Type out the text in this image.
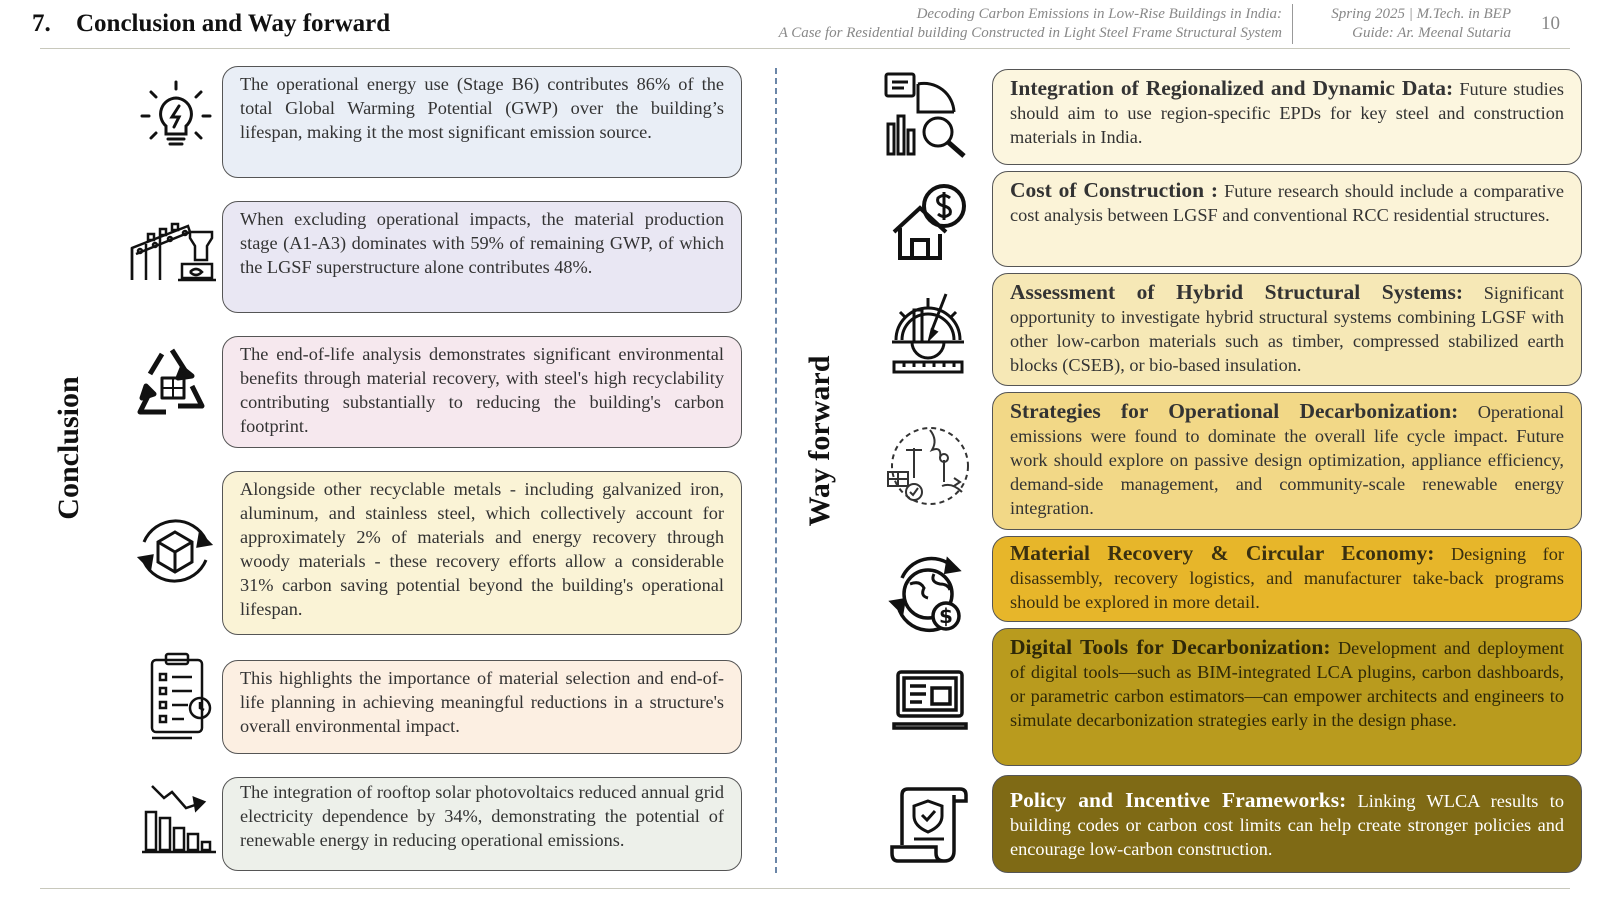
7. Conclusion and Way forward	Decoding Carbon Emissions in Low-Rise Buildings in India:
A Case for Residential building Constructed in Light Steel Frame Structural System
Spring 2025 | M.Tech. in BEP
Guide: Ar. Meenal Sutaria 10
Conclusion	Way forward
The operational energy use (Stage B6) contributes 86% of the total Global Warming Potential (GWP) over the building’s lifespan, making it the most significant emission source.
When excluding operational impacts, the material production stage (A1-A3) dominates with 59% of remaining GWP, of which the LGSF superstructure alone contributes 48%.
The end-of-life analysis demonstrates significant environmental benefits through material recovery, with steel's high recyclability contributing substantially to reducing the building's carbon footprint.
Alongside other recyclable metals - including galvanized iron, aluminum, and stainless steel, which collectively account for approximately 2% of materials and energy recovery through woody materials - these recovery efforts allow a considerable 31% carbon saving potential beyond the building's operational lifespan.
This highlights the importance of material selection and end-of-life planning in achieving meaningful reductions in a structure's overall environmental impact.
The integration of rooftop solar photovoltaics reduced annual grid electricity dependence by 34%, demonstrating the potential of renewable energy in reducing operational emissions.
$
Integration of Regionalized and Dynamic Data: Future studies should aim to use region-specific EPDs for key steel and construction materials in India.
Cost of Construction : Future research should include a comparative cost analysis between LGSF and conventional RCC residential structures.
Assessment of Hybrid Structural Systems: Significant opportunity to investigate hybrid structural systems combining LGSF with other low-carbon materials such as timber, compressed stabilized earth blocks (CSEB), or bio-based insulation.
Strategies for Operational Decarbonization: Operational emissions were found to dominate the overall life cycle impact. Future work should explore on passive design optimization, appliance efficiency, demand-side management, and community-scale renewable energy integration.
Material Recovery & Circular Economy: Designing for disassembly, recovery logistics, and manufacturer take-back programs should be explored in more detail.
Digital Tools for Decarbonization: Development and deployment of digital tools—such as BIM-integrated LCA plugins, carbon dashboards, or parametric carbon estimators—can empower architects and engineers to simulate decarbonization strategies early in the design phase.
Policy and Incentive Frameworks: Linking WLCA results to building codes or carbon cost limits can help create stronger policies and encourage low-carbon construction.
